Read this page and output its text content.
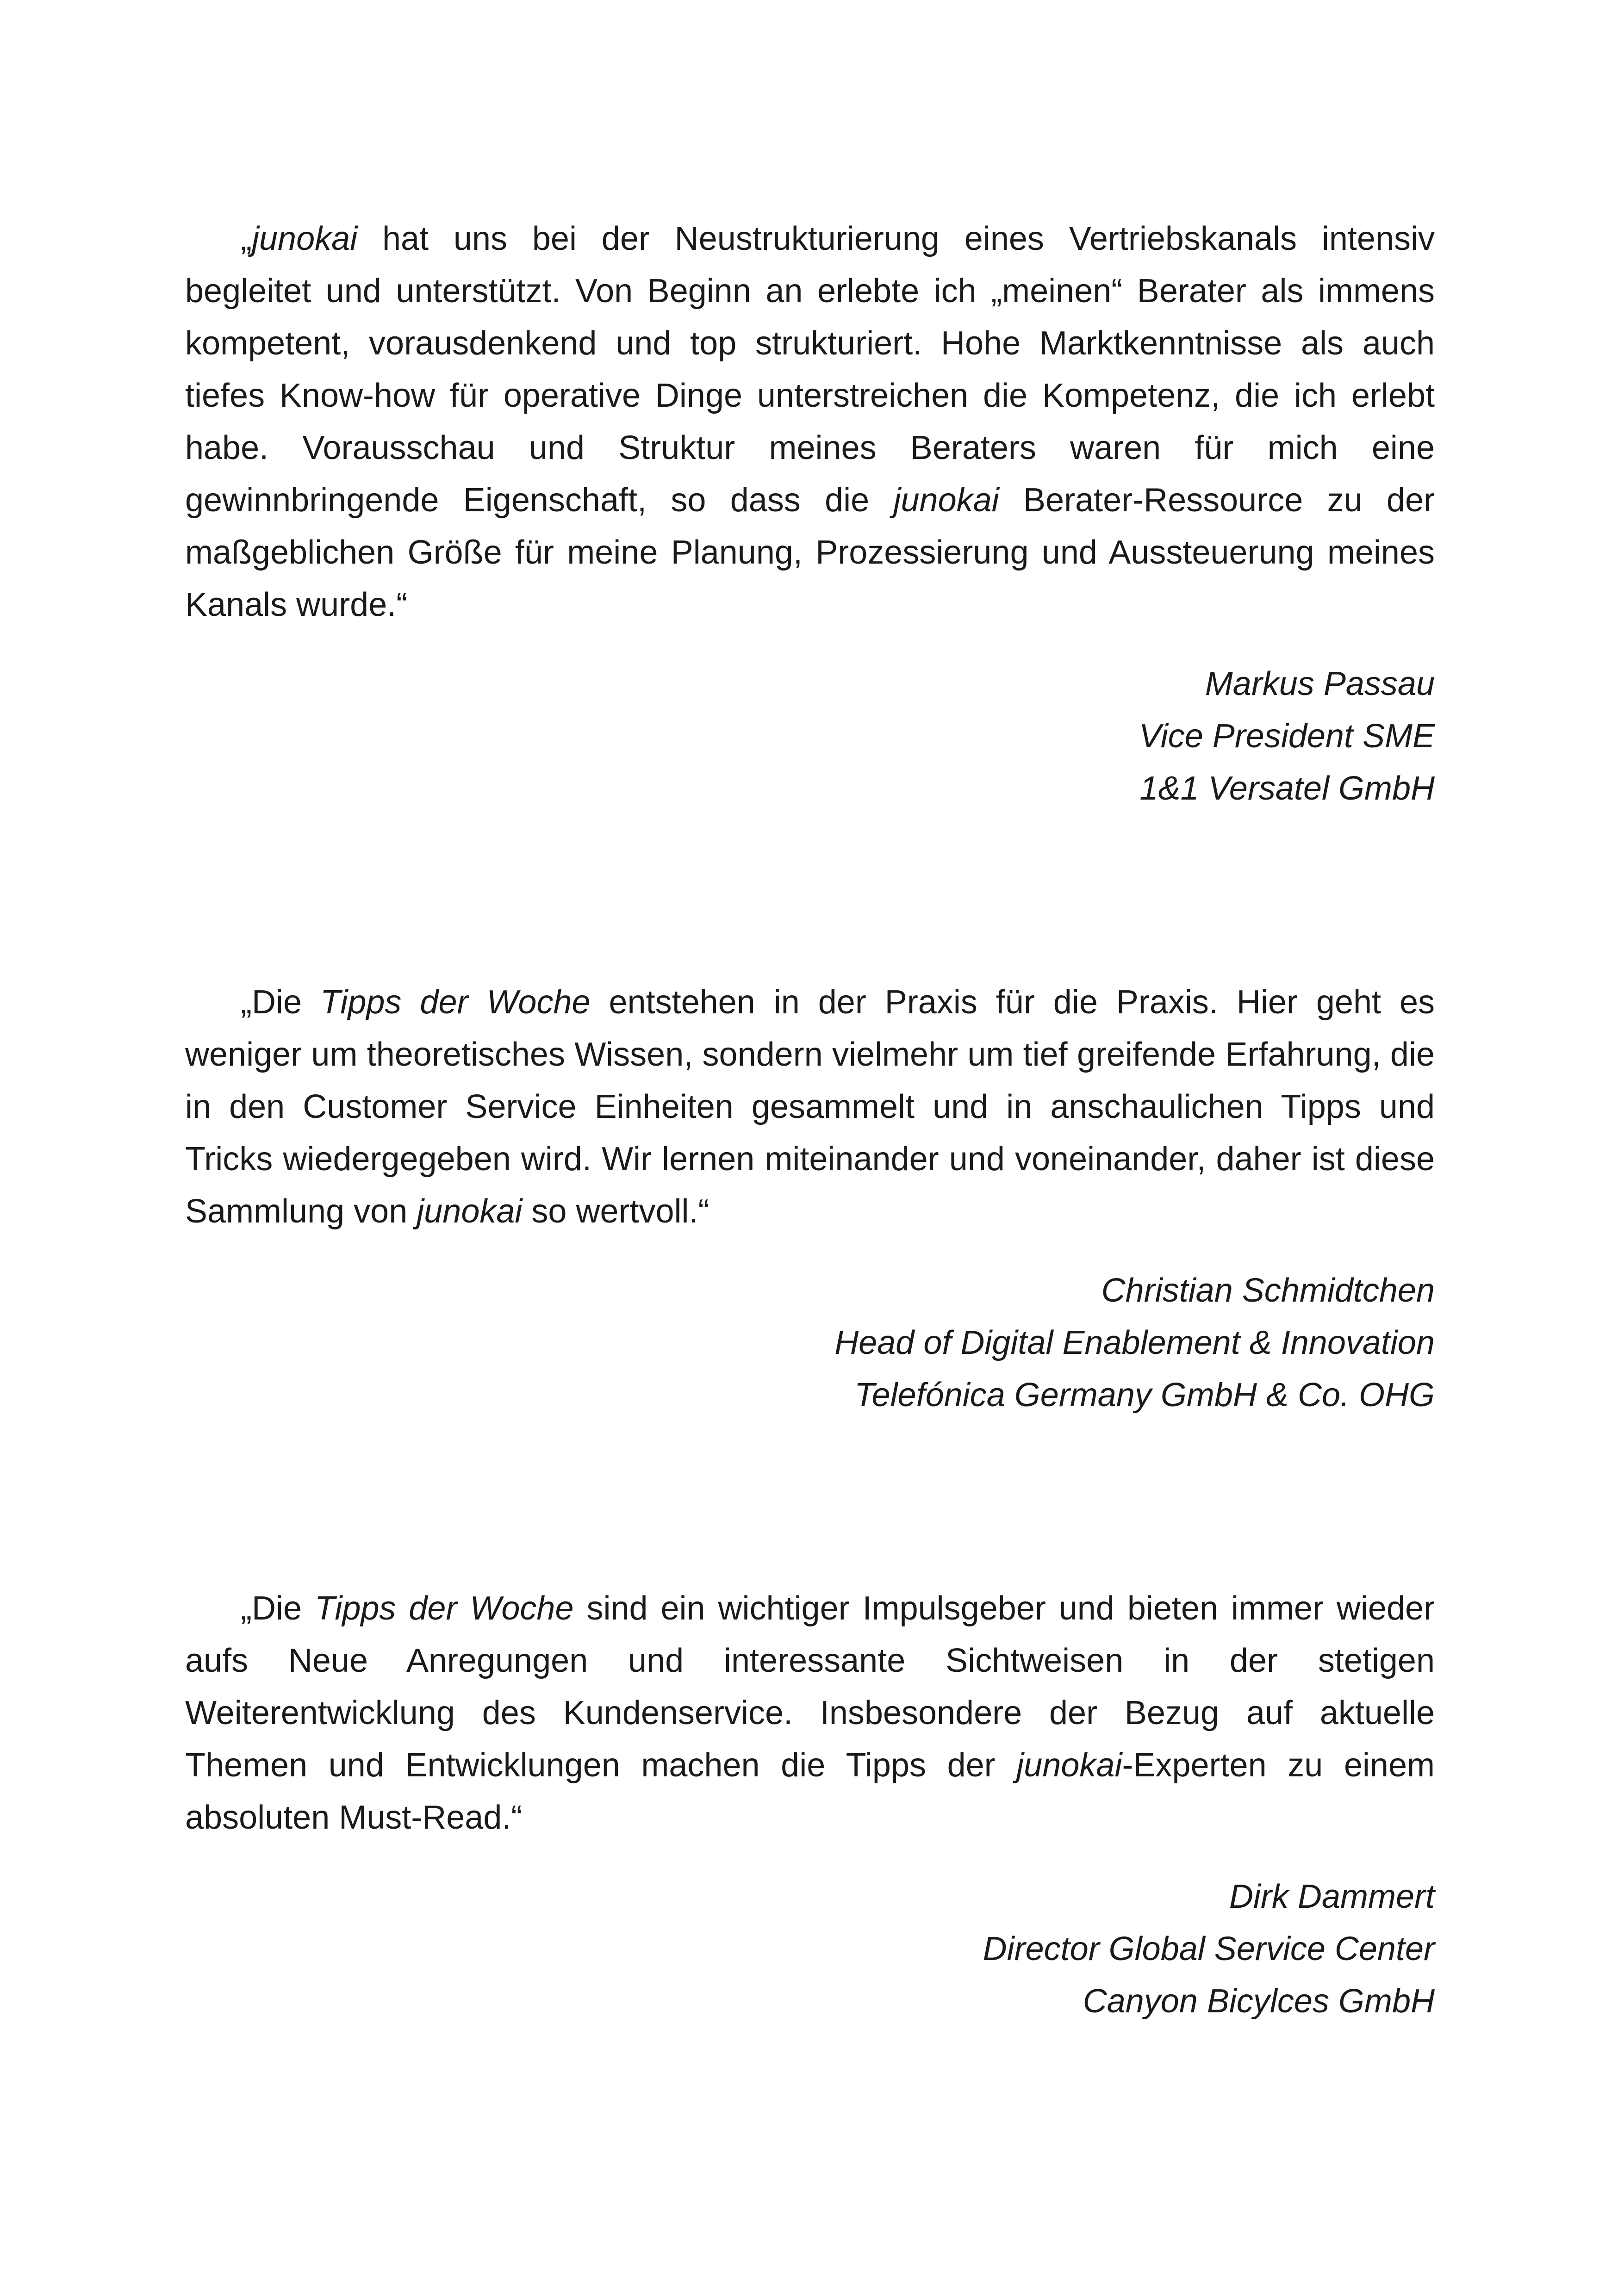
„junokai hat uns bei der Neustrukturierung eines Vertriebskanals intensiv begleitet und unterstützt. Von Beginn an erlebte ich „meinen“ Berater als immens kompetent, vorausdenkend und top strukturiert. Hohe Marktkenntnisse als auch tiefes Know-how für operative Dinge unterstreichen die Kompetenz, die ich erlebt habe. Vorausschau und Struktur meines Beraters waren für mich eine gewinnbringende Eigenschaft, so dass die junokai Berater-Ressource zu der maßgeblichen Größe für meine Planung, Prozessierung und Aussteuerung meines Kanals wurde.“

Markus Passau
Vice President SME
1&1 Versatel GmbH

„Die Tipps der Woche entstehen in der Praxis für die Praxis. Hier geht es weniger um theoretisches Wissen, sondern vielmehr um tief greifende Erfahrung, die in den Customer Service Einheiten gesammelt und in anschaulichen Tipps und Tricks wiedergegeben wird. Wir lernen miteinander und voneinander, daher ist diese Sammlung von junokai so wertvoll.“

Christian Schmidtchen
Head of Digital Enablement & Innovation
Telefónica Germany GmbH & Co. OHG

„Die Tipps der Woche sind ein wichtiger Impulsgeber und bieten immer wieder aufs Neue Anregungen und interessante Sichtweisen in der stetigen Weiterentwicklung des Kundenservice. Insbesondere der Bezug auf aktuelle Themen und Entwicklungen machen die Tipps der junokai-Experten zu einem absoluten Must-Read.“

Dirk Dammert
Director Global Service Center
Canyon Bicylces GmbH
